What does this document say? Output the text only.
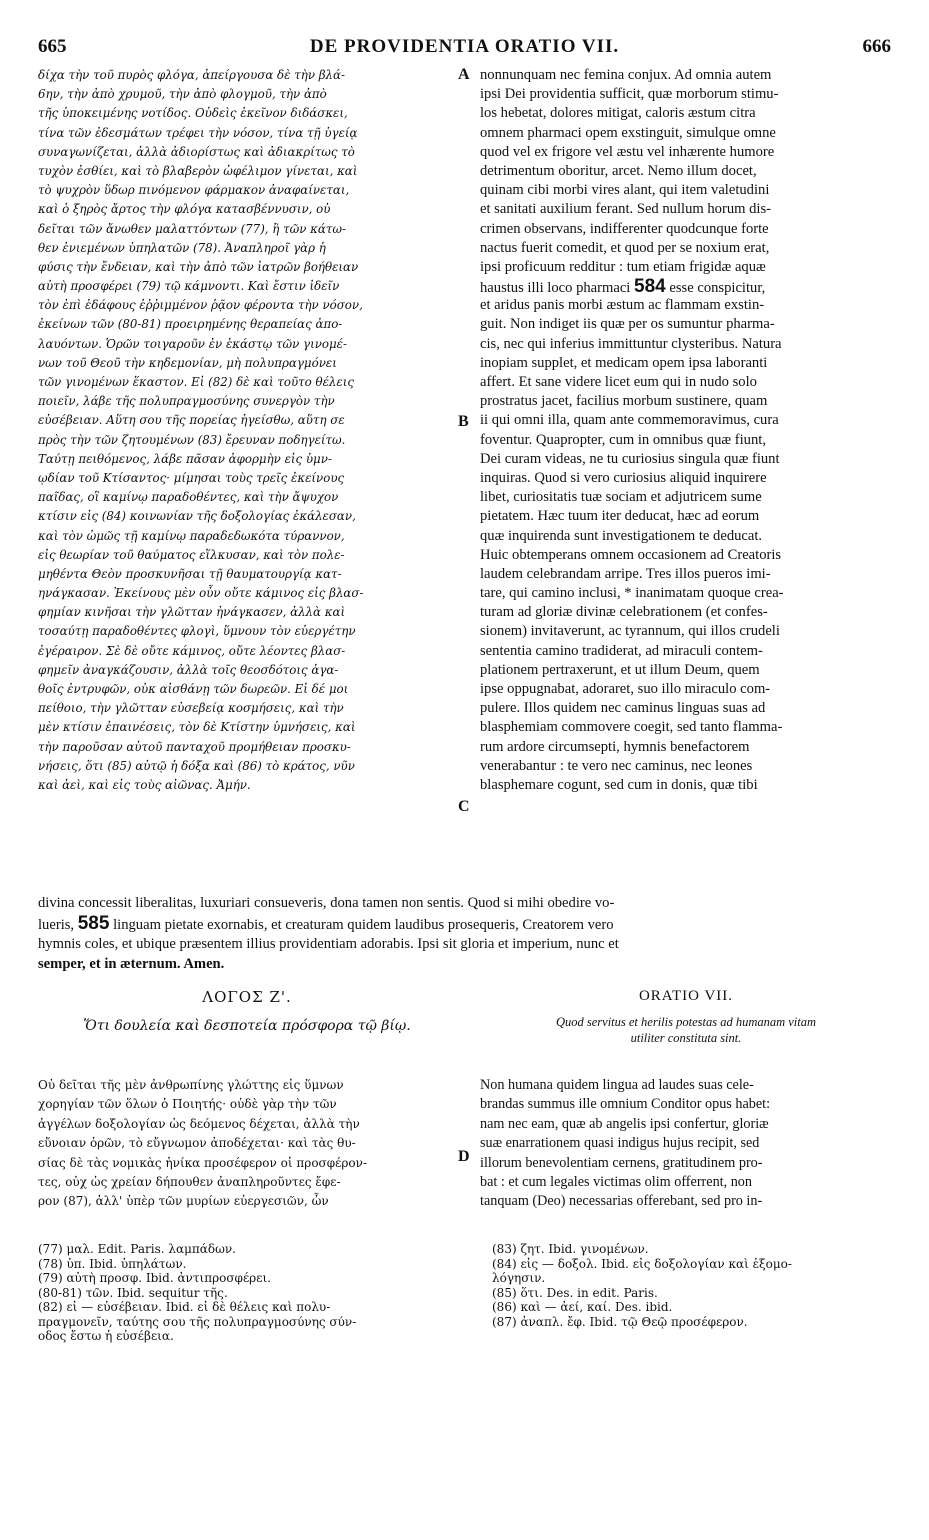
665	DE PROVIDENTIA ORATIO VII.	666
δίχα τὴν τοῦ πυρὸς φλόγα, ἀπείργουσα δὲ τὴν βλά-
6ην, τὴν ἀπὸ χρυμοῦ, τὴν ἀπὸ φλογμοῦ, τὴν ἀπὸ
τῆς ὑποκειμένης νοτίδος. Οὐδεὶς ἐκεῖνον διδάσκει,
τίνα τῶν ἐδεσμάτων τρέφει τὴν νόσον, τίνα τῇ ὑγείᾳ
συναγωνίζεται, ἀλλὰ ἀδιορίστως καὶ ἀδιακρίτως τὸ
τυχὸν ἐσθίει, καὶ τὸ βλαβερὸν ὠφέλιμον γίνεται, καὶ
τὸ ψυχρὸν ὕδωρ πινόμενον φάρμακον ἀναφαίνεται,
καὶ ὁ ξηρὸς ἄρτος τὴν φλόγα κατασβέννυσιν, οὐ
δεῖται τῶν ἄνωθεν μαλαττόντων (77), ἢ τῶν κάτω-
θεν ἐνιεμένων ὑπηλατῶν (78). Ἀναπληροῖ γὰρ ἡ
φύσις τὴν ἔνδειαν, καὶ τὴν ἀπὸ τῶν ἰατρῶν βοήθειαν
αὐτὴ προσφέρει (79) τῷ κάμνοντι. Καὶ ἔστιν ἰδεῖν
τὸν ἐπὶ ἐδάφους ἐῤῥιμμένον ῥᾷον φέροντα τὴν νόσον,
ἐκείνων τῶν (80-81) προειρημένης θεραπείας ἀπο-
λαυόντων. Ὁρῶν τοιγαροῦν ἐν ἑκάστῳ τῶν γινομέ-
νων τοῦ Θεοῦ τὴν κηδεμονίαν, μὴ πολυπραγμόνει
τῶν γινομένων ἕκαστον. Εἰ (82) δὲ καὶ τοῦτο θέλεις
ποιεῖν, λάβε τῆς πολυπραγμοσύνης συνεργὸν τὴν
εὐσέβειαν. Αὕτη σου τῆς πορείας ἡγείσθω, αὕτη σε
πρὸς τὴν τῶν ζητουμένων (83) ἔρευναν ποδηγείτω.
Ταύτῃ πειθόμενος, λάβε πᾶσαν ἀφορμὴν εἰς ὑμν-
ῳδίαν τοῦ Κτίσαντος· μίμησαι τοὺς τρεῖς ἐκείνους
παῖδας, οἳ καμίνῳ παραδοθέντες, καὶ τὴν ἄψυχον
κτίσιν εἰς (84) κοινωνίαν τῆς δοξολογίας ἐκάλεσαν,
καὶ τὸν ὠμῶς τῇ καμίνῳ παραδεδωκότα τύραννον,
εἰς θεωρίαν τοῦ θαύματος εἵλκυσαν, καὶ τὸν πολε-
μηθέντα Θεὸν προσκυνῆσαι τῇ θαυματουργίᾳ κατ-
ηνάγκασαν. Ἐκείνους μὲν οὖν οὔτε κάμινος εἰς βλασ-
φημίαν κινῆσαι τὴν γλῶτταν ἠνάγκασεν, ἀλλὰ καὶ
τοσαύτῃ παραδοθέντες φλογὶ, ὕμνουν τὸν εὐεργέτην
ἐγέραιρον. Σὲ δὲ οὔτε κάμινος, οὔτε λέοντες βλασ-
φημεῖν ἀναγκάζουσιν, ἀλλὰ τοῖς θεοσδότοις ἀγα-
θοῖς ἐντρυφῶν, οὐκ αἰσθάνῃ τῶν δωρεῶν. Εἰ δέ μοι
πείθοιο, τὴν γλῶτταν εὐσεβείᾳ κοσμήσεις, καὶ τὴν
μὲν κτίσιν ἐπαινέσεις, τὸν δὲ Κτίστην ὑμνήσεις, καὶ
τὴν παροῦσαν αὐτοῦ πανταχοῦ προμήθειαν προσκυ-
νήσεις, ὅτι (85) αὐτῷ ἡ δόξα καὶ (86) τὸ κράτος, νῦν
καὶ ἀεὶ, καὶ εἰς τοὺς αἰῶνας. Ἀμήν.
nonnunquam nec femina conjux. Ad omnia autem
ipsi Dei providentia sufficit, quæ morborum stimu-
los hebetat, dolores mitigat, caloris æstum citra
omnem pharmaci opem exstinguit, simulque omne
quod vel ex frigore vel æstu vel inhærente humore
detrimentum oboritur, arcet. Nemo illum docet,
quinam cibi morbi vires alant, qui item valetudini
et sanitati auxilium ferant. Sed nullum horum dis-
crimen observans, indifferenter quodcunque forte
nactus fuerit comedit, et quod per se noxium erat,
ipsi proficuum redditur : tum etiam frigidæ aquæ
haustus illi loco pharmaci 584 esse conspicitur,
et aridus panis morbi æstum ac flammam exstin-
guit. Non indiget iis quæ per os sumuntur pharma-
cis, nec qui inferius immittuntur clysteribus. Natura
inopiam supplet, et medicam opem ipsa laboranti
affert. Et sane videre licet eum qui in nudo solo
prostratus jacet, facilius morbum sustinere, quam
ii qui omni illa, quam ante commemoravimus, cura
foventur. Quapropter, cum in omnibus quæ fiunt,
Dei curam videas, ne tu curiosius singula quæ fiunt
inquiras. Quod si vero curiosius aliquid inquirere
libet, curiositatis tuæ sociam et adjutricem sume
pietatem. Hæc tuum iter deducat, hæc ad eorum
quæ inquirenda sunt investigationem te deducat.
Huic obtemperans omnem occasionem ad Creatoris
laudem celebrandam arripe. Tres illos pueros imi-
tare, qui camino inclusi, * inanimatam quoque crea-
turam ad gloriæ divinæ celebrationem (et confes-
sionem) invitaverunt, ac tyrannum, qui illos crudeli
sententia camino tradiderat, ad miraculi contem-
plationem pertraxerunt, et ut illum Deum, quem
ipse oppugnabat, adoraret, suo illo miraculo com-
pulere. Illos quidem nec caminus linguas suas ad
blasphemiam commovere coegit, sed tanto flamma-
rum ardore circumsepti, hymnis benefactorem
venerabantur : te vero nec caminus, nec leones
blasphemare cogunt, sed cum in donis, quæ tibi
A
B
C
D
divina concessit liberalitas, luxuriari consueveris, dona tamen non sentis. Quod si mihi obedire vo-
lueris, 585 linguam pietate exornabis, et creaturam quidem laudibus prosequeris, Creatorem vero
hymnis coles, et ubique præsentem illius providentiam adorabis. Ipsi sit gloria et imperium, nunc et
semper, et in æternum. Amen.
ΛΟΓΟΣ Ζ'.
Ὅτι δουλεία καὶ δεσποτεία πρόσφορα τῷ βίῳ.
ORATIO VII.
Quod servitus et herilis potestas ad humanam vitam
utiliter constituta sint.
Οὐ δεῖται τῆς μὲν ἀνθρωπίνης γλώττης εἰς ὕμνων
χορηγίαν τῶν ὅλων ὁ Ποιητής· οὐδὲ γὰρ τὴν τῶν
ἀγγέλων δοξολογίαν ὡς δεόμενος δέχεται, ἀλλὰ τὴν
εὔνοιαν ὁρῶν, τὸ εὔγνωμον ἀποδέχεται· καὶ τὰς θυ-
σίας δὲ τὰς νομικὰς ἡνίκα προσέφερον οἱ προσφέρον-
τες, οὐχ ὡς χρείαν δήπουθεν ἀναπληροῦντες ἔφε-
ρον (87), ἀλλ' ὑπὲρ τῶν μυρίων εὐεργεσιῶν, ὧν
Non humana quidem lingua ad laudes suas cele-
brandas summus ille omnium Conditor opus habet:
nam nec eam, quæ ab angelis ipsi confertur, gloriæ
suæ enarrationem quasi indigus hujus recipit, sed
illorum benevolentiam cernens, gratitudinem pro-
bat : et cum legales victimas olim offerrent, non
tanquam (Deo) necessarias offerebant, sed pro in-
(77) μαλ. Edit. Paris. λαμπάδων.
(78) ὑπ. Ibid. ὑπηλάτων.
(79) αὐτὴ προσφ. Ibid. ἀντιπροσφέρει.
(80-81) τῶν. Ibid. sequitur τῆς.
(82) εἰ — εὐσέβειαν. Ibid. εἰ δὲ θέλεις καὶ πολυ-
πραγμονεῖν, ταύτης σου τῆς πολυπραγμοσύνης σύν-
οδος ἔστω ἡ εὐσέβεια.
(83) ζητ. Ibid. γινομένων.
(84) εἰς — δοξολ. Ibid. εἰς δοξολογίαν καὶ ἐξομο-
λόγησιν.
(85) ὅτι. Des. in edit. Paris.
(86) καὶ — ἀεί, καί. Des. ibid.
(87) ἀναπλ. ἔφ. Ibid. τῷ Θεῷ προσέφερον.
